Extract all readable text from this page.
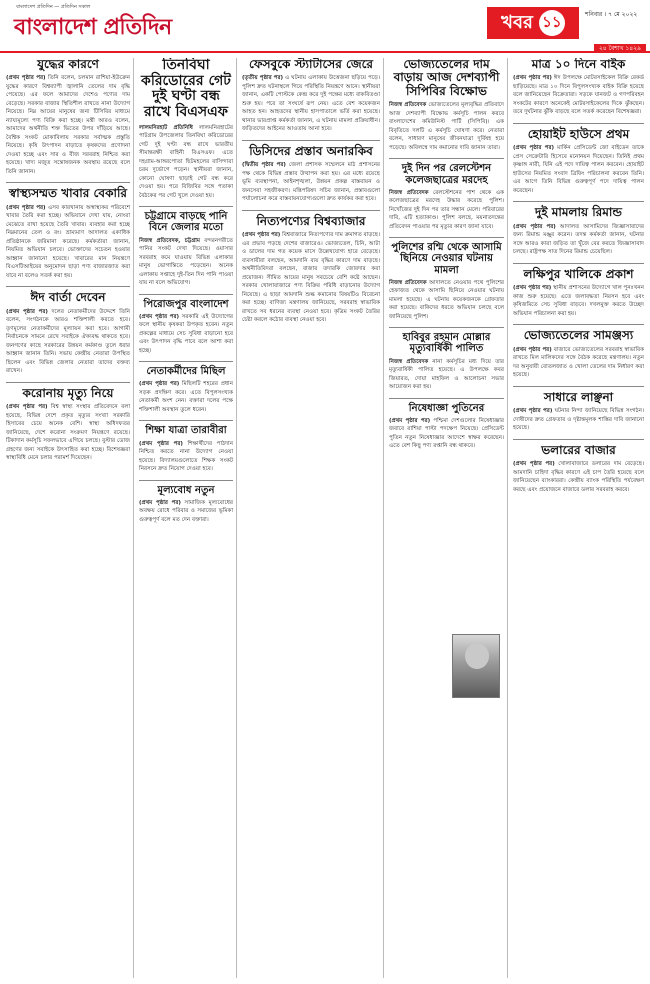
বাংলাদেশ প্রতিদিন — প্রতিদিন সকাল
বাংলাদেশ প্রতিদিন	খবর ১১	শনিবার । ৭ মে ২০২২
২৪ বৈশাখ ১৪২৯
যুদ্ধের কারণে
(প্রথম পৃষ্ঠার পর) তিনি বলেন, চলমান রাশিয়া-ইউক্রেন যুদ্ধের কারণে বিশ্বব্যাপী জ্বালানি তেলের দাম বৃদ্ধি পেয়েছে। এর ফলে আমাদের দেশেও পণ্যের দাম বেড়েছে। সরকার বাজার স্থিতিশীল রাখতে নানা উদ্যোগ নিয়েছে। নিম্ন আয়ের মানুষের জন্য টিসিবির মাধ্যমে ন্যায্যমূল্যে পণ্য বিক্রি করা হচ্ছে। মন্ত্রী আরও বলেন, আমাদের অর্থনীতি শক্ত ভিতের উপর দাঁড়িয়ে আছে। বৈশ্বিক সংকট মোকাবিলায় সরকার সর্বাত্মক প্রস্তুতি নিয়েছে। কৃষি উৎপাদন বাড়াতে কৃষকদের প্রণোদনা দেওয়া হচ্ছে এবং সার ও বীজ সরবরাহ নিশ্চিত করা হয়েছে। খাদ্য মজুত সন্তোষজনক অবস্থায় রয়েছে বলে তিনি জানান।
স্বাস্থ্যসম্মত খাবার বেকারি
(প্রথম পৃষ্ঠার পর) এসব কারখানায় অস্বাস্থ্যকর পরিবেশে খাবার তৈরি করা হচ্ছে। অভিযানে দেখা যায়, নোংরা মেঝেতে রাখা হয়েছে তৈরি খাবার। ব্যবহার করা হচ্ছে নিম্নমানের তেল ও রং। ভ্রাম্যমাণ আদালত একাধিক প্রতিষ্ঠানকে জরিমানা করেছে। কর্মকর্তারা জানান, নিয়মিত অভিযান চলবে। ভোক্তাদের সচেতন হওয়ার আহ্বান জানানো হয়েছে। খাবারের মান নিয়ন্ত্রণে বিএসটিআইয়ের অনুমোদন ছাড়া পণ্য বাজারজাত করা যাবে না বলেও সতর্ক করা হয়।
ঈদ বার্তা দেবেন
(প্রথম পৃষ্ঠার পর) দলের নেতাকর্মীদের উদ্দেশে তিনি বলেন, সংগঠনকে আরও শক্তিশালী করতে হবে। তৃণমূলের নেতাকর্মীদের মূল্যায়ন করা হবে। আগামী নির্বাচনকে সামনে রেখে সবাইকে ঐক্যবদ্ধ থাকতে হবে। জনগণের কাছে সরকারের উন্নয়ন কর্মকাণ্ড তুলে ধরার আহ্বান জানান তিনি। সভায় কেন্দ্রীয় নেতারা উপস্থিত ছিলেন এবং বিভিন্ন জেলার নেতারা তাদের বক্তব্য রাখেন।
করোনায় মৃত্যু নিয়ে
(প্রথম পৃষ্ঠার পর) বিশ্ব স্বাস্থ্য সংস্থার প্রতিবেদনে বলা হয়েছে, বিভিন্ন দেশে প্রকৃত মৃত্যুর সংখ্যা সরকারি হিসাবের চেয়ে অনেক বেশি। স্বাস্থ্য অধিদফতর জানিয়েছে, দেশে করোনা সংক্রমণ নিয়ন্ত্রণে রয়েছে। টিকাদান কর্মসূচি সফলভাবে এগিয়ে চলছে। বুস্টার ডোজ গ্রহণের জন্য সবাইকে উৎসাহিত করা হচ্ছে। বিশেষজ্ঞরা স্বাস্থ্যবিধি মেনে চলার পরামর্শ দিয়েছেন।
তিনবিঘা করিডোরের গেট দুই ঘণ্টা বন্ধ রাখে বিএসএফ
লালমনিরহাট প্রতিনিধি লালমনিরহাটের পাটগ্রাম উপজেলার তিনবিঘা করিডোরের গেট দুই ঘণ্টা বন্ধ রাখে ভারতীয় সীমান্তরক্ষী বাহিনী বিএসএফ। এতে দহগ্রাম-আঙ্গরপোতা ছিটমহলের বাসিন্দারা চরম দুর্ভোগে পড়েন। স্থানীয়রা জানান, কোনো ঘোষণা ছাড়াই গেট বন্ধ করে দেওয়া হয়। পরে বিজিবির সঙ্গে পতাকা বৈঠকের পর গেট খুলে দেওয়া হয়।
চট্টগ্রামে বাড়ছে পানি বিনে জেলার মতো
নিজস্ব প্রতিবেদক, চট্টগ্রাম বন্দরনগরীতে পানির সংকট দেখা দিয়েছে। ওয়াসার সরবরাহ কমে যাওয়ায় বিভিন্ন এলাকার মানুষ ভোগান্তিতে পড়েছেন। অনেক এলাকায় সপ্তাহে দুই-তিন দিন পানি পাওয়া যায় না বলে অভিযোগ।
পিরোজপুর বাংলাদেশ
(প্রথম পৃষ্ঠার পর) সরকারি এই উদ্যোগের ফলে স্থানীয় কৃষকরা উপকৃত হবেন। নতুন প্রকল্পের মাধ্যমে সেচ সুবিধা বাড়ানো হবে এবং উৎপাদন বৃদ্ধি পাবে বলে আশা করা হচ্ছে।
নেতাকর্মীদের মিছিল
(প্রথম পৃষ্ঠার পর) মিছিলটি শহরের প্রধান সড়ক প্রদক্ষিণ করে। এতে বিপুলসংখ্যক নেতাকর্মী অংশ নেন। বক্তারা দলের পক্ষে শক্তিশালী অবস্থান তুলে ধরেন।
শিক্ষা যাত্রা তারাবীরা
(প্রথম পৃষ্ঠার পর) শিক্ষার্থীদের পাঠদান নিশ্চিত করতে নানা উদ্যোগ নেওয়া হয়েছে। বিদ্যালয়গুলোতে শিক্ষক সংকট নিরসনে দ্রুত নিয়োগ দেওয়া হবে।
মূল্যবোধ নতুন
(প্রথম পৃষ্ঠার পর) সামাজিক মূল্যবোধের অবক্ষয় রোধে পরিবার ও সমাজের ভূমিকা গুরুত্বপূর্ণ বলে মত দেন বক্তারা।
ফেসবুকে স্ট্যাটাসের জেরে
(তৃতীয় পৃষ্ঠার পর) এ ঘটনায় এলাকায় উত্তেজনা ছড়িয়ে পড়ে। পুলিশ দ্রুত ঘটনাস্থলে গিয়ে পরিস্থিতি নিয়ন্ত্রণে আনে। স্থানীয়রা জানান, একটি পোস্টকে কেন্দ্র করে দুই পক্ষের মধ্যে বাকবিতণ্ডা শুরু হয়। পরে তা সংঘর্ষে রূপ নেয়। এতে বেশ কয়েকজন আহত হন। আহতদের স্থানীয় হাসপাতালে ভর্তি করা হয়েছে। থানার ভারপ্রাপ্ত কর্মকর্তা জানান, এ ঘটনায় মামলা প্রক্রিয়াধীন। জড়িতদের আইনের আওতায় আনা হবে।
ডিসিদের প্রস্তাব অনারকিব
(দ্বিতীয় পৃষ্ঠার পর) জেলা প্রশাসক সম্মেলনে মাঠ প্রশাসনের পক্ষ থেকে বিভিন্ন প্রস্তাব উত্থাপন করা হয়। এর মধ্যে রয়েছে ভূমি ব্যবস্থাপনা, আইনশৃঙ্খলা, উন্নয়ন প্রকল্প বাস্তবায়ন ও জনসেবা সহজীকরণ। মন্ত্রিপরিষদ সচিব জানান, প্রস্তাবগুলো পর্যালোচনা করে বাস্তবায়নযোগ্যগুলো দ্রুত কার্যকর করা হবে।
নিত্যপণ্যের বিশ্বব্যাজার
(প্রথম পৃষ্ঠার পর) বিশ্ববাজারে নিত্যপণ্যের দাম ক্রমাগত বাড়ছে। এর প্রভাব পড়ছে দেশের বাজারেও। ভোজ্যতেল, চিনি, আটা ও ডালের দাম গত কয়েক মাসে উল্লেখযোগ্য হারে বেড়েছে। ব্যবসায়ীরা বলছেন, আমদানি ব্যয় বৃদ্ধির কারণে দাম বাড়ছে। অর্থনীতিবিদরা বলছেন, বাজার তদারকি জোরদার করা প্রয়োজন। সীমিত আয়ের মানুষ সবচেয়ে বেশি কষ্টে আছেন। সরকার খোলাবাজারে পণ্য বিক্রির পরিধি বাড়ানোর উদ্যোগ নিয়েছে। এ ছাড়া আমদানি শুল্ক কমানোর বিষয়টিও বিবেচনা করা হচ্ছে। বাণিজ্য মন্ত্রণালয় জানিয়েছে, সরবরাহ স্বাভাবিক রাখতে সব ধরনের ব্যবস্থা নেওয়া হবে। কৃত্রিম সংকট তৈরির চেষ্টা করলে কঠোর ব্যবস্থা নেওয়া হবে।
ভোজ্যতেলের দাম বাড়ায় আজ দেশব্যাপী সিপিবির বিক্ষোভ
নিজস্ব প্রতিবেদক ভোজ্যতেলের মূল্যবৃদ্ধির প্রতিবাদে আজ দেশব্যাপী বিক্ষোভ কর্মসূচি পালন করবে বাংলাদেশের কমিউনিস্ট পার্টি (সিপিবি)। এক বিবৃতিতে দলটি এ কর্মসূচি ঘোষণা করে। নেতারা বলেন, সাধারণ মানুষের জীবনযাত্রা দুর্বিষহ হয়ে পড়েছে। অবিলম্বে দাম কমানোর দাবি জানান তারা।
দুই দিন পর রেলস্টেশন কলেজছাত্রের মরদেহ
নিজস্ব প্রতিবেদক রেলস্টেশনের পাশ থেকে এক কলেজছাত্রের মরদেহ উদ্ধার করেছে পুলিশ। নিখোঁজের দুই দিন পর তার সন্ধান মেলে। পরিবারের দাবি, এটি হত্যাকাণ্ড। পুলিশ বলছে, ময়নাতদন্তের প্রতিবেদন পাওয়ার পর মৃত্যুর কারণ জানা যাবে।
পুলিশের রশ্মি থেকে আসামি ছিনিয়ে নেওয়ার ঘটনায় মামলা
নিজস্ব প্রতিবেদক আদালতে নেওয়ার পথে পুলিশের হেফাজত থেকে আসামি ছিনিয়ে নেওয়ার ঘটনায় মামলা হয়েছে। এ ঘটনায় কয়েকজনকে গ্রেফতার করা হয়েছে। বাকিদের ধরতে অভিযান চলছে বলে জানিয়েছে পুলিশ।
হাবিবুর রহমান মোল্লার মৃত্যুবার্ষিকী পালিত
নিজস্ব প্রতিবেদক নানা কর্মসূচির মধ্য দিয়ে তার মৃত্যুবার্ষিকী পালিত হয়েছে। এ উপলক্ষে কবর জিয়ারত, দোয়া মাহফিল ও আলোচনা সভার আয়োজন করা হয়।
নিষেধাজ্ঞা পুতিনের
(প্রথম পৃষ্ঠার পর) পশ্চিমা দেশগুলোর নিষেধাজ্ঞার জবাবে রাশিয়া পাল্টা পদক্ষেপ নিয়েছে। প্রেসিডেন্ট পুতিন নতুন নিষেধাজ্ঞার আদেশে স্বাক্ষর করেছেন। এতে বেশ কিছু পণ্য রপ্তানি বন্ধ থাকবে।
মাত্র ১০ দিনে বাইক
(প্রথম পৃষ্ঠার পর) ঈদ উপলক্ষে মোটরসাইকেল বিক্রি রেকর্ড ছাড়িয়েছে। মাত্র ১০ দিনে বিপুলসংখ্যক বাইক বিক্রি হয়েছে বলে জানিয়েছেন বিক্রেতারা। সড়কে যানজট ও গণপরিবহন সংকটের কারণে অনেকেই মোটরসাইকেলের দিকে ঝুঁকছেন। তবে দুর্ঘটনার ঝুঁকি বাড়ছে বলে সতর্ক করেছেন বিশেষজ্ঞরা।
হোয়াইট হাউসে প্রথম
(প্রথম পৃষ্ঠার পর) মার্কিন প্রেসিডেন্ট জো বাইডেন তাকে প্রেস সেক্রেটারি হিসেবে মনোনয়ন দিয়েছেন। তিনিই প্রথম কৃষ্ণাঙ্গ নারী, যিনি এই পদে দায়িত্ব পালন করবেন। হোয়াইট হাউসের নিয়মিত সংবাদ ব্রিফিং পরিচালনা করবেন তিনি। এর আগে তিনি বিভিন্ন গুরুত্বপূর্ণ পদে দায়িত্ব পালন করেছেন।
দুই মামলায় রিমান্ড
(প্রথম পৃষ্ঠার পর) আদালত আসামিদের জিজ্ঞাসাবাদের জন্য রিমান্ড মঞ্জুর করেন। তদন্ত কর্মকর্তা জানান, ঘটনার সঙ্গে আরও কারা জড়িত তা খুঁজে বের করতে জিজ্ঞাসাবাদ চলছে। রাষ্ট্রপক্ষ সাত দিনের রিমান্ড চেয়েছিল।
লক্ষিপুর খালিকে প্রকাশ
(প্রথম পৃষ্ঠার পর) স্থানীয় প্রশাসনের উদ্যোগে খাল পুনঃখনন কাজ শুরু হয়েছে। এতে জলাবদ্ধতা নিরসন হবে এবং কৃষিজমিতে সেচ সুবিধা বাড়বে। দখলমুক্ত করতে উচ্ছেদ অভিযান পরিচালনা করা হয়।
ভোজ্যতেলের সামঞ্জস্য
(প্রথম পৃষ্ঠার পর) বাজারে ভোজ্যতেলের সরবরাহ স্বাভাবিক রাখতে মিল মালিকদের সঙ্গে বৈঠক করেছে মন্ত্রণালয়। নতুন দর অনুযায়ী বোতলজাত ও খোলা তেলের দাম নির্ধারণ করা হয়েছে।
সাধারে লাঞ্ছনা
(প্রথম পৃষ্ঠার পর) ঘটনার নিন্দা জানিয়েছে বিভিন্ন সংগঠন। দোষীদের দ্রুত গ্রেফতার ও দৃষ্টান্তমূলক শাস্তির দাবি জানানো হয়েছে।
ভলারের বাজার
(প্রথম পৃষ্ঠার পর) খোলাবাজারে ডলারের দাম বেড়েছে। আমদানি চাহিদা বৃদ্ধির কারণে এই চাপ তৈরি হয়েছে বলে জানিয়েছেন ব্যাংকাররা। কেন্দ্রীয় ব্যাংক পরিস্থিতি পর্যবেক্ষণ করছে এবং প্রয়োজনে বাজারে ডলার সরবরাহ করবে।
